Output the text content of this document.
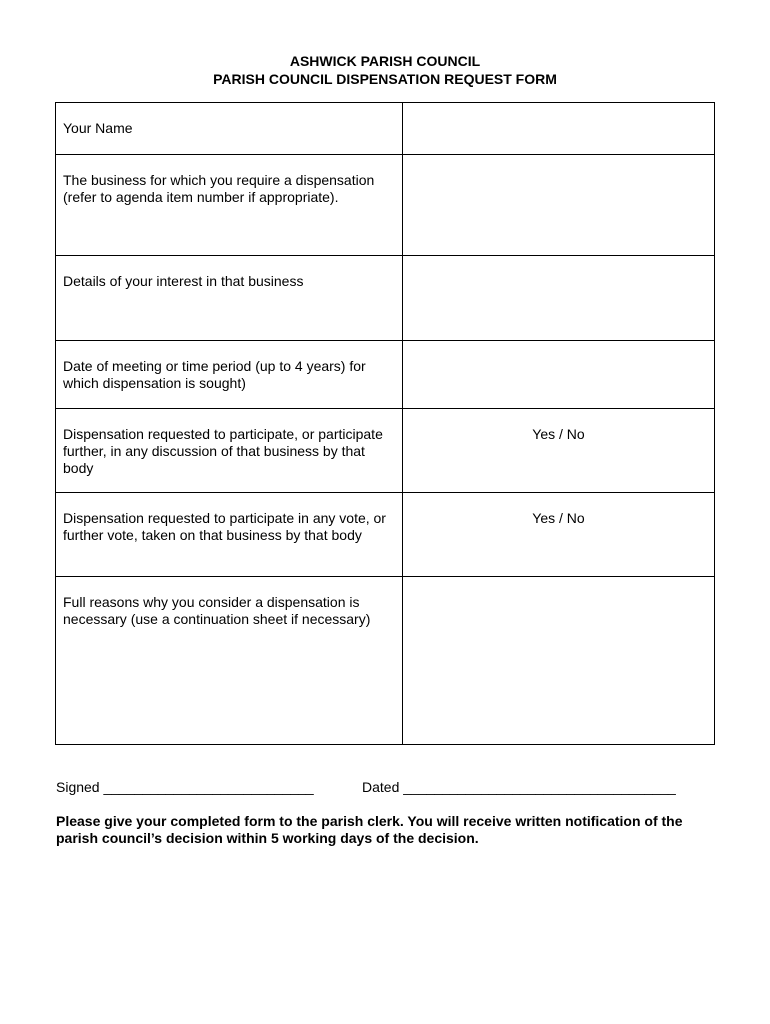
ASHWICK PARISH COUNCIL
PARISH COUNCIL DISPENSATION REQUEST FORM
Your Name	
The business for which you require a dispensation (refer to agenda item number if appropriate).	
Details of your interest in that business	
Date of meeting or time period (up to 4 years) for which dispensation is sought)	
Dispensation requested to participate, or participate further, in any discussion of that business by that body	Yes / No
Dispensation requested to participate in any vote, or further vote, taken on that business by that body	Yes / No
Full reasons why you consider a dispensation is necessary (use a continuation sheet if necessary)	
Signed ___________________________	Dated ___________________________________
Please give your completed form to the parish clerk. You will receive written notification of the parish council’s decision within 5 working days of the decision.
